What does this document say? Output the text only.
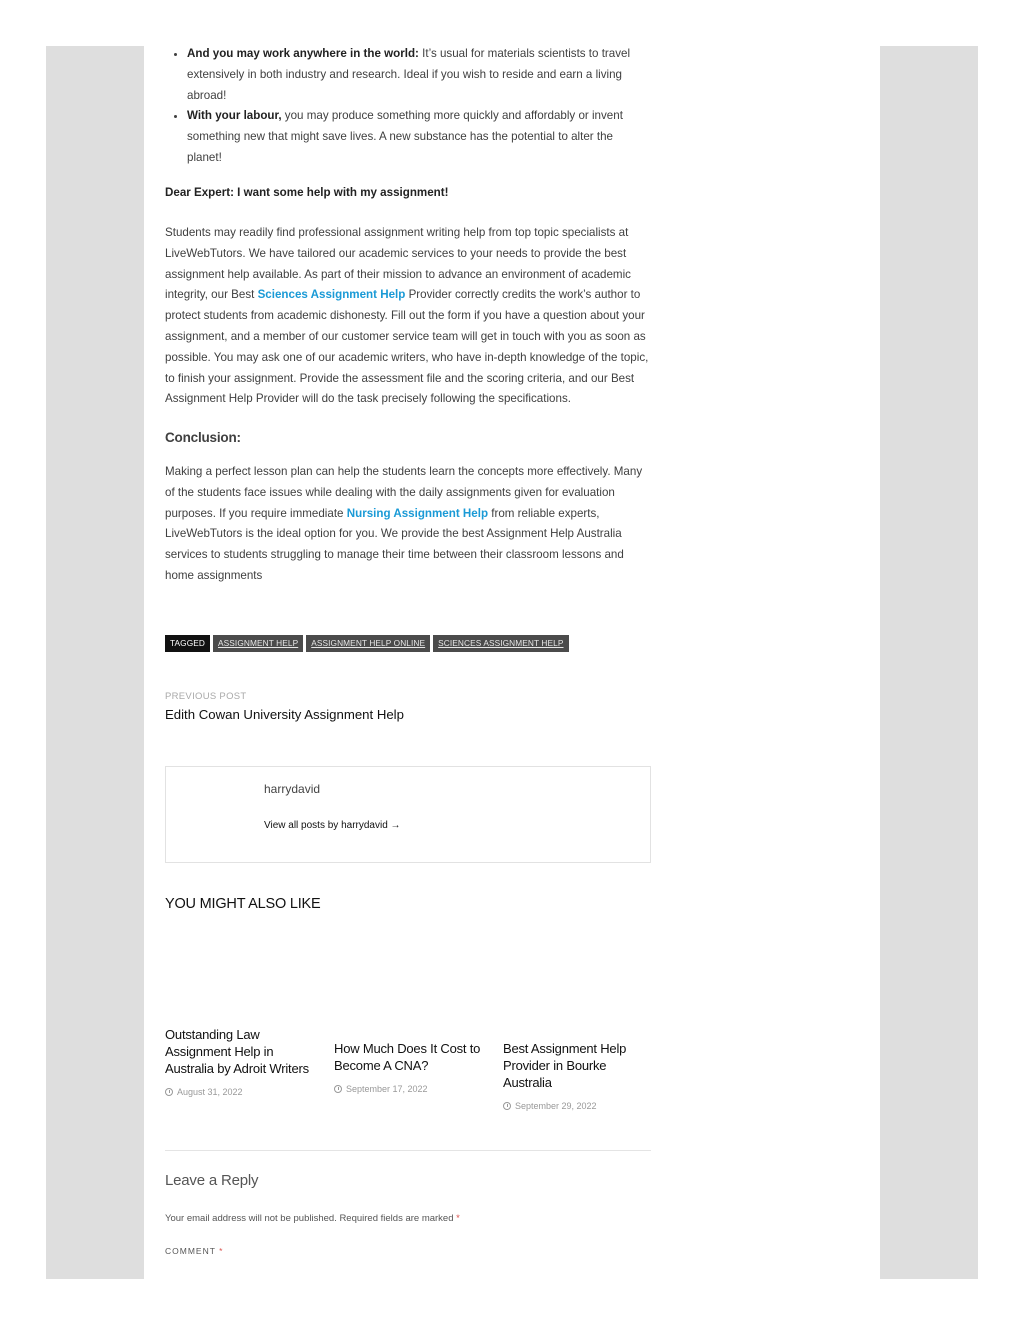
• And you may work anywhere in the world: It’s usual for materials scientists to travel extensively in both industry and research. Ideal if you wish to reside and earn a living abroad!
• With your labour, you may produce something more quickly and affordably or invent something new that might save lives. A new substance has the potential to alter the planet!

Dear Expert: I want some help with my assignment!

Students may readily find professional assignment writing help from top topic specialists at LiveWebTutors. We have tailored our academic services to your needs to provide the best assignment help available. As part of their mission to advance an environment of academic integrity, our Best Sciences Assignment Help Provider correctly credits the work’s author to protect students from academic dishonesty. Fill out the form if you have a question about your assignment, and a member of our customer service team will get in touch with you as soon as possible. You may ask one of our academic writers, who have in-depth knowledge of the topic, to finish your assignment. Provide the assessment file and the scoring criteria, and our Best Assignment Help Provider will do the task precisely following the specifications.

Conclusion:

Making a perfect lesson plan can help the students learn the concepts more effectively. Many of the students face issues while dealing with the daily assignments given for evaluation purposes. If you require immediate Nursing Assignment Help from reliable experts, LiveWebTutors is the ideal option for you. We provide the best Assignment Help Australia services to students struggling to manage their time between their classroom lessons and home assignments

TAGGED	ASSIGNMENT HELP	ASSIGNMENT HELP ONLINE	SCIENCES ASSIGNMENT HELP
PREVIOUS POST
Edith Cowan University Assignment Help
harrydavid
View all posts by harrydavid →
YOU MIGHT ALSO LIKE
Outstanding Law Assignment Help in Australia by Adroit Writers
August 31, 2022
How Much Does It Cost to Become A CNA?
September 17, 2022
Best Assignment Help Provider in Bourke Australia
September 29, 2022
Leave a Reply
Your email address will not be published. Required fields are marked *
COMMENT *
